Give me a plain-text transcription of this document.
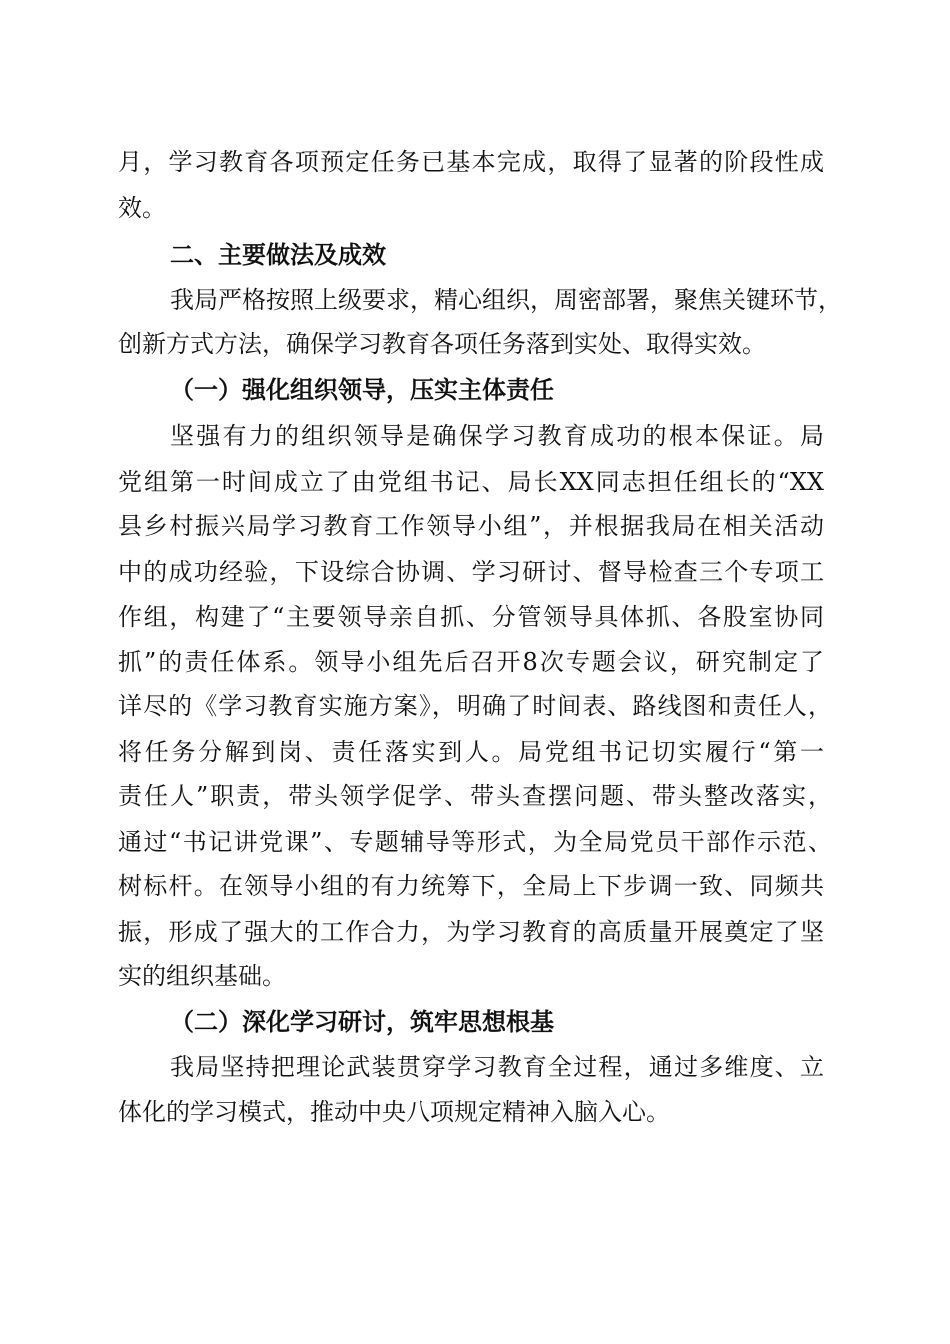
月，学习教育各项预定任务已基本完成，取得了显著的阶段性成
效。
二、主要做法及成效
我局严格按照上级要求，精心组织，周密部署，聚焦关键环节，
创新方式方法，确保学习教育各项任务落到实处、取得实效。
（一）强化组织领导，压实主体责任
坚强有力的组织领导是确保学习教育成功的根本保证。局
党组第一时间成立了由党组书记、局长XX同志担任组长的“XX
县乡村振兴局学习教育工作领导小组”，并根据我局在相关活动
中的成功经验，下设综合协调、学习研讨、督导检查三个专项工
作组，构建了“主要领导亲自抓、分管领导具体抓、各股室协同
抓”的责任体系。领导小组先后召开8次专题会议，研究制定了
详尽的《学习教育实施方案》，明确了时间表、路线图和责任人，
将任务分解到岗、责任落实到人。局党组书记切实履行“第一
责任人”职责，带头领学促学、带头查摆问题、带头整改落实，
通过“书记讲党课”、专题辅导等形式，为全局党员干部作示范、
树标杆。在领导小组的有力统筹下，全局上下步调一致、同频共
振，形成了强大的工作合力，为学习教育的高质量开展奠定了坚
实的组织基础。
（二）深化学习研讨，筑牢思想根基
我局坚持把理论武装贯穿学习教育全过程，通过多维度、立
体化的学习模式，推动中央八项规定精神入脑入心。
